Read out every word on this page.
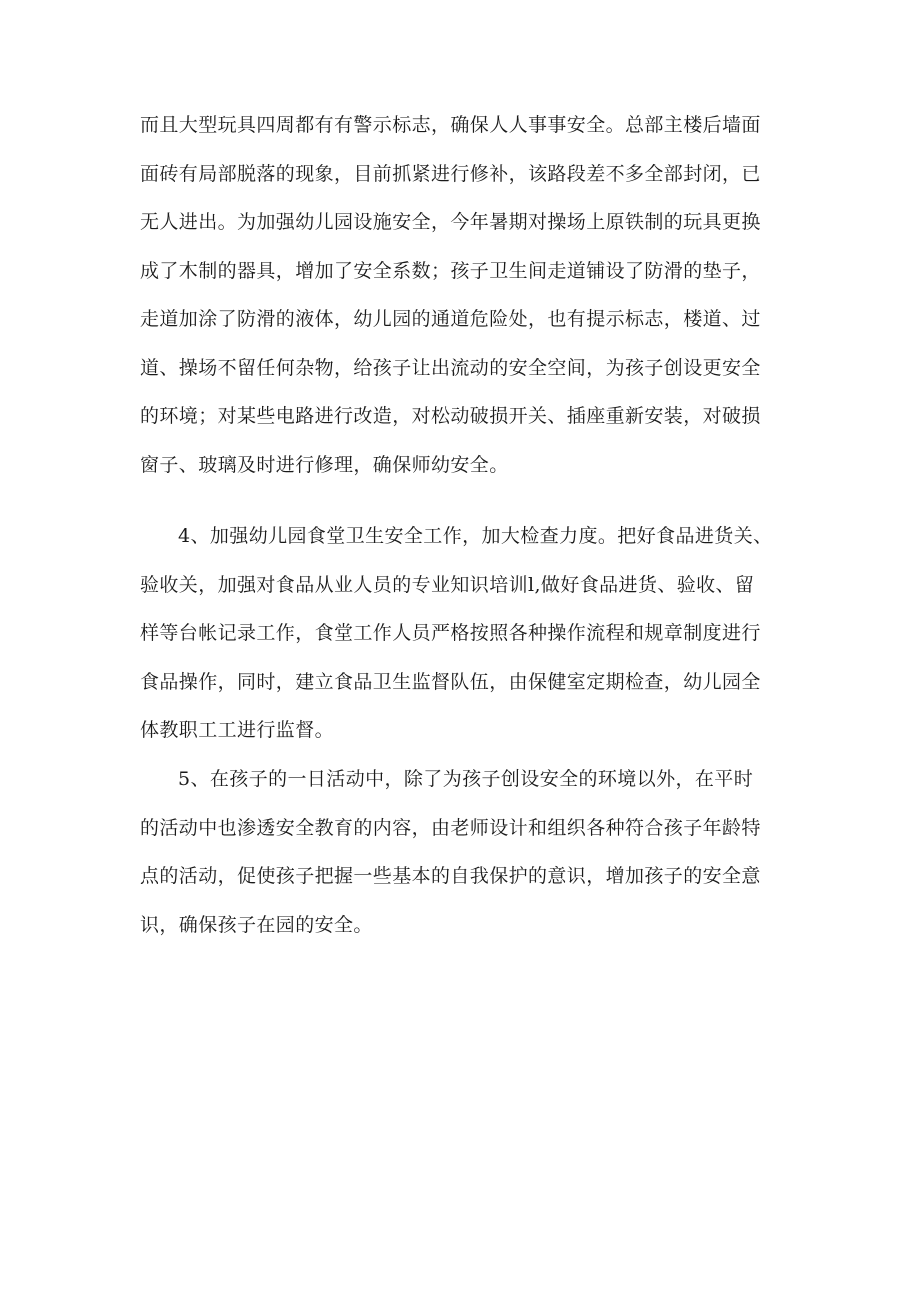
而且大型玩具四周都有有警示标志，确保人人事事安全。总部主楼后墙面

面砖有局部脱落的现象，目前抓紧进行修补，该路段差不多全部封闭，已

无人进出。为加强幼儿园设施安全，今年暑期对操场上原铁制的玩具更换

成了木制的器具，增加了安全系数；孩子卫生间走道铺设了防滑的垫子，

走道加涂了防滑的液体，幼儿园的通道危险处，也有提示标志，楼道、过

道、操场不留任何杂物，给孩子让出流动的安全空间，为孩子创设更安全

的环境；对某些电路进行改造，对松动破损开关、插座重新安装，对破损

窗子、玻璃及时进行修理，确保师幼安全。

4、加强幼儿园食堂卫生安全工作，加大检查力度。把好食品进货关、

验收关，加强对食品从业人员的专业知识培训l,做好食品进货、验收、留

样等台帐记录工作，食堂工作人员严格按照各种操作流程和规章制度进行

食品操作，同时，建立食品卫生监督队伍，由保健室定期检查，幼儿园全

体教职工工进行监督。

5、在孩子的一日活动中，除了为孩子创设安全的环境以外，在平时

的活动中也渗透安全教育的内容，由老师设计和组织各种符合孩子年龄特

点的活动，促使孩子把握一些基本的自我保护的意识，增加孩子的安全意

识，确保孩子在园的安全。
